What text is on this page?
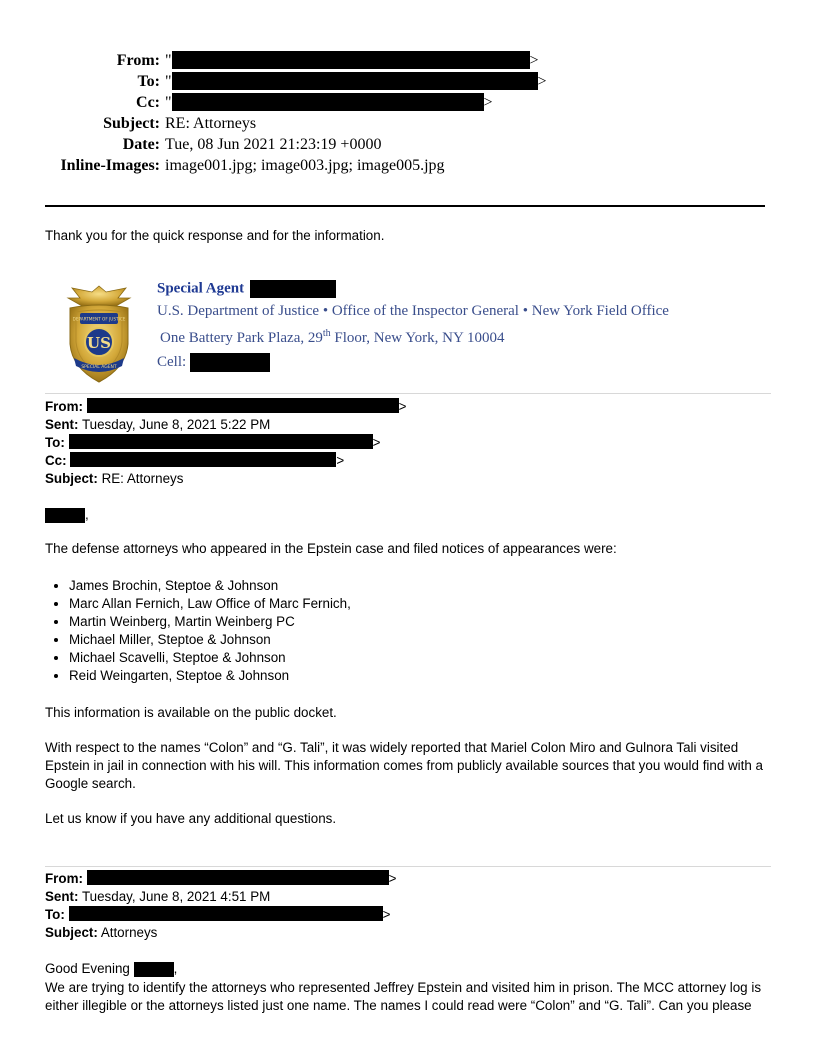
From: "	>
To: "	>
Cc: "	>
Subject: RE: Attorneys
Date: Tue, 08 Jun 2021 21:23:19 +0000
Inline-Images: image001.jpg; image003.jpg; image005.jpg
Thank you for the quick response and for the information.
DEPARTMENT OF JUSTICE
US
SPECIAL AGENT
Special Agent
U.S. Department of Justice • Office of the Inspector General • New York Field Office
One Battery Park Plaza, 29th Floor, New York, NY 10004
Cell:
From:	>
Sent: Tuesday, June 8, 2021 5:22 PM
To:	>
Cc:	>
Subject: RE: Attorneys
,
The defense attorneys who appeared in the Epstein case and filed notices of appearances were:
• James Brochin, Steptoe & Johnson
• Marc Allan Fernich, Law Office of Marc Fernich,
• Martin Weinberg, Martin Weinberg PC
• Michael Miller, Steptoe & Johnson
• Michael Scavelli, Steptoe & Johnson
• Reid Weingarten, Steptoe & Johnson
This information is available on the public docket.
With respect to the names “Colon” and “G. Tali”, it was widely reported that Mariel Colon Miro and Gulnora Tali visited Epstein in jail in connection with his will. This information comes from publicly available sources that you would find with a Google search.
Let us know if you have any additional questions.
From:	>
Sent: Tuesday, June 8, 2021 4:51 PM
To:	>
Subject: Attorneys
Good Evening	,
We are trying to identify the attorneys who represented Jeffrey Epstein and visited him in prison. The MCC attorney log is either illegible or the attorneys listed just one name. The names I could read were “Colon” and “G. Tali”. Can you please
